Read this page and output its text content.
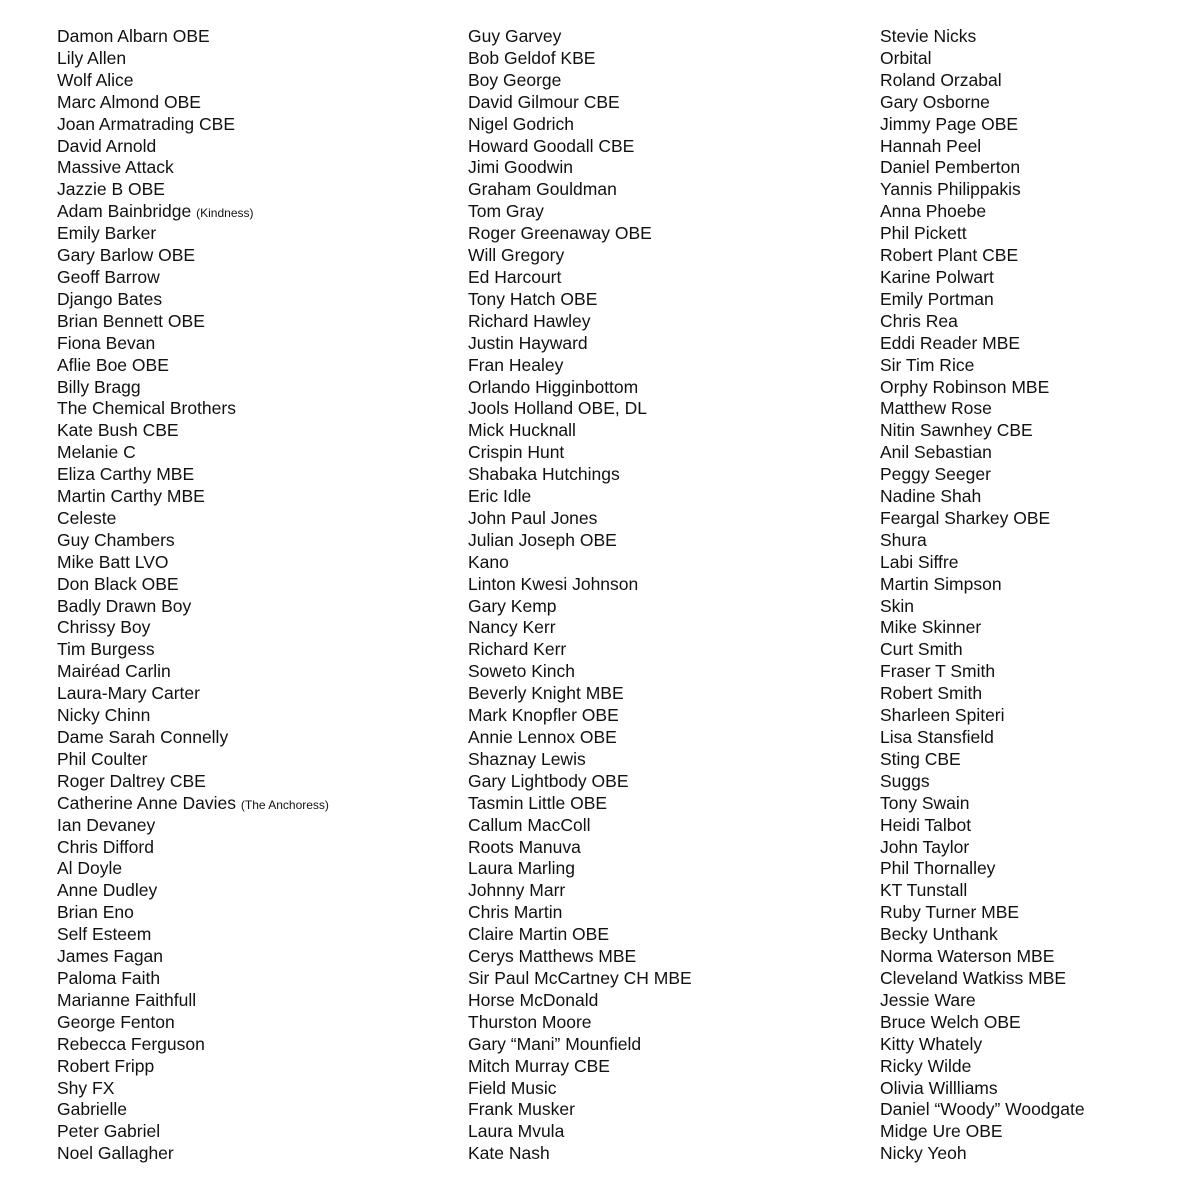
Damon Albarn OBE
Lily Allen
Wolf Alice
Marc Almond OBE
Joan Armatrading CBE
David Arnold
Massive Attack
Jazzie B OBE
Adam Bainbridge (Kindness)
Emily Barker
Gary Barlow OBE
Geoff Barrow
Django Bates
Brian Bennett OBE
Fiona Bevan
Aflie Boe OBE
Billy Bragg
The Chemical Brothers
Kate Bush CBE
Melanie C
Eliza Carthy MBE
Martin Carthy MBE
Celeste
Guy Chambers
Mike Batt LVO
Don Black OBE
Badly Drawn Boy
Chrissy Boy
Tim Burgess
Mairéad Carlin
Laura-Mary Carter
Nicky Chinn
Dame Sarah Connelly
Phil Coulter
Roger Daltrey CBE
Catherine Anne Davies (The Anchoress)
Ian Devaney
Chris Difford
Al Doyle
Anne Dudley
Brian Eno
Self Esteem
James Fagan
Paloma Faith
Marianne Faithfull
George Fenton
Rebecca Ferguson
Robert Fripp
Shy FX
Gabrielle
Peter Gabriel
Noel Gallagher
Guy Garvey
Bob Geldof KBE
Boy George
David Gilmour CBE
Nigel Godrich
Howard Goodall CBE
Jimi Goodwin
Graham Gouldman
Tom Gray
Roger Greenaway OBE
Will Gregory
Ed Harcourt
Tony Hatch OBE
Richard Hawley
Justin Hayward
Fran Healey
Orlando Higginbottom
Jools Holland OBE, DL
Mick Hucknall
Crispin Hunt
Shabaka Hutchings
Eric Idle
John Paul Jones
Julian Joseph OBE
Kano
Linton Kwesi Johnson
Gary Kemp
Nancy Kerr
Richard Kerr
Soweto Kinch
Beverly Knight MBE
Mark Knopfler OBE
Annie Lennox OBE
Shaznay Lewis
Gary Lightbody OBE
Tasmin Little OBE
Callum MacColl
Roots Manuva
Laura Marling
Johnny Marr
Chris Martin
Claire Martin OBE
Cerys Matthews MBE
Sir Paul McCartney CH MBE
Horse McDonald
Thurston Moore
Gary “Mani” Mounfield
Mitch Murray CBE
Field Music
Frank Musker
Laura Mvula
Kate Nash
Stevie Nicks
Orbital
Roland Orzabal
Gary Osborne
Jimmy Page OBE
Hannah Peel
Daniel Pemberton
Yannis Philippakis
Anna Phoebe
Phil Pickett
Robert Plant CBE
Karine Polwart
Emily Portman
Chris Rea
Eddi Reader MBE
Sir Tim Rice
Orphy Robinson MBE
Matthew Rose
Nitin Sawnhey CBE
Anil Sebastian
Peggy Seeger
Nadine Shah
Feargal Sharkey OBE
Shura
Labi Siffre
Martin Simpson
Skin
Mike Skinner
Curt Smith
Fraser T Smith
Robert Smith
Sharleen Spiteri
Lisa Stansfield
Sting CBE
Suggs
Tony Swain
Heidi Talbot
John Taylor
Phil Thornalley
KT Tunstall
Ruby Turner MBE
Becky Unthank
Norma Waterson MBE
Cleveland Watkiss MBE
Jessie Ware
Bruce Welch OBE
Kitty Whately
Ricky Wilde
Olivia Willliams
Daniel “Woody” Woodgate
Midge Ure OBE
Nicky Yeoh
